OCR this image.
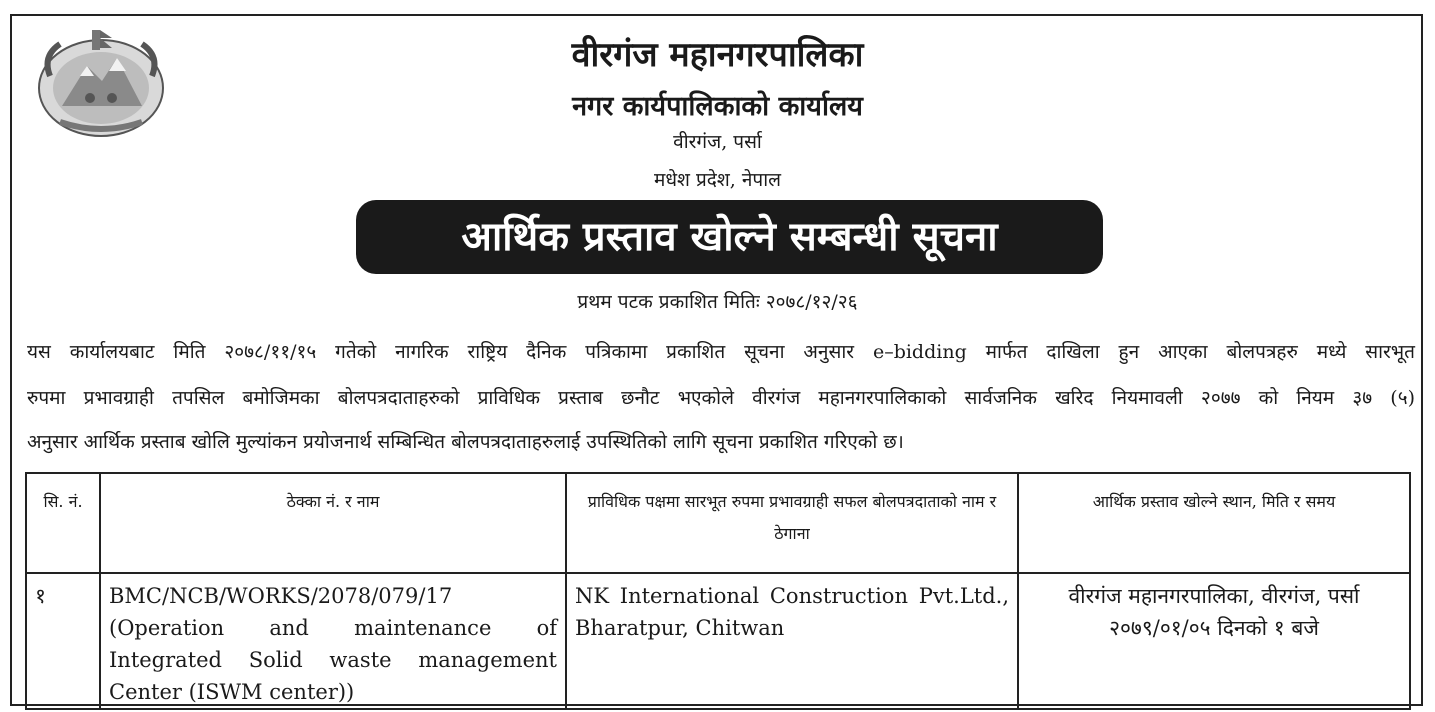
वीरगंज महानगरपालिका
नगर कार्यपालिकाको कार्यालय
वीरगंज, पर्सा
मधेश प्रदेश, नेपाल
आर्थिक प्रस्ताव खोल्ने सम्बन्धी सूचना
प्रथम पटक प्रकाशित मितिः २०७८/१२/२६
यस कार्यालयबाट मिति २०७८/११/१५ गतेको नागरिक राष्ट्रिय दैनिक पत्रिकामा प्रकाशित सूचना अनुसार e–bidding मार्फत दाखिला हुन आएका बोलपत्रहरु मध्ये सारभूत
रुपमा प्रभावग्राही तपसिल बमोजिमका बोलपत्रदाताहरुको प्राविधिक प्रस्ताब छनौट भएकोले वीरगंज महानगरपालिकाको सार्वजनिक खरिद नियमावली २०७७ को नियम ३७ (५)
अनुसार आर्थिक प्रस्ताब खोलि मुल्यांकन प्रयोजनार्थ सम्बिन्धित बोलपत्रदाताहरुलाई उपस्थितिको लागि सूचना प्रकाशित गरिएको छ।
सि. नं.	ठेक्का नं. र नाम	प्राविधिक पक्षमा सारभूत रुपमा प्रभावग्राही सफल बोलपत्रदाताको नाम र ठेगाना	आर्थिक प्रस्ताव खोल्ने स्थान, मिति र समय
१	BMC/NCB/WORKS/2078/079/17 (Operation and maintenance of Integrated Solid waste management Center (ISWM center))	NK International Construction Pvt.Ltd., Bharatpur, Chitwan	वीरगंज महानगरपालिका, वीरगंज, पर्सा
२०७९/०१/०५ दिनको १ बजे
